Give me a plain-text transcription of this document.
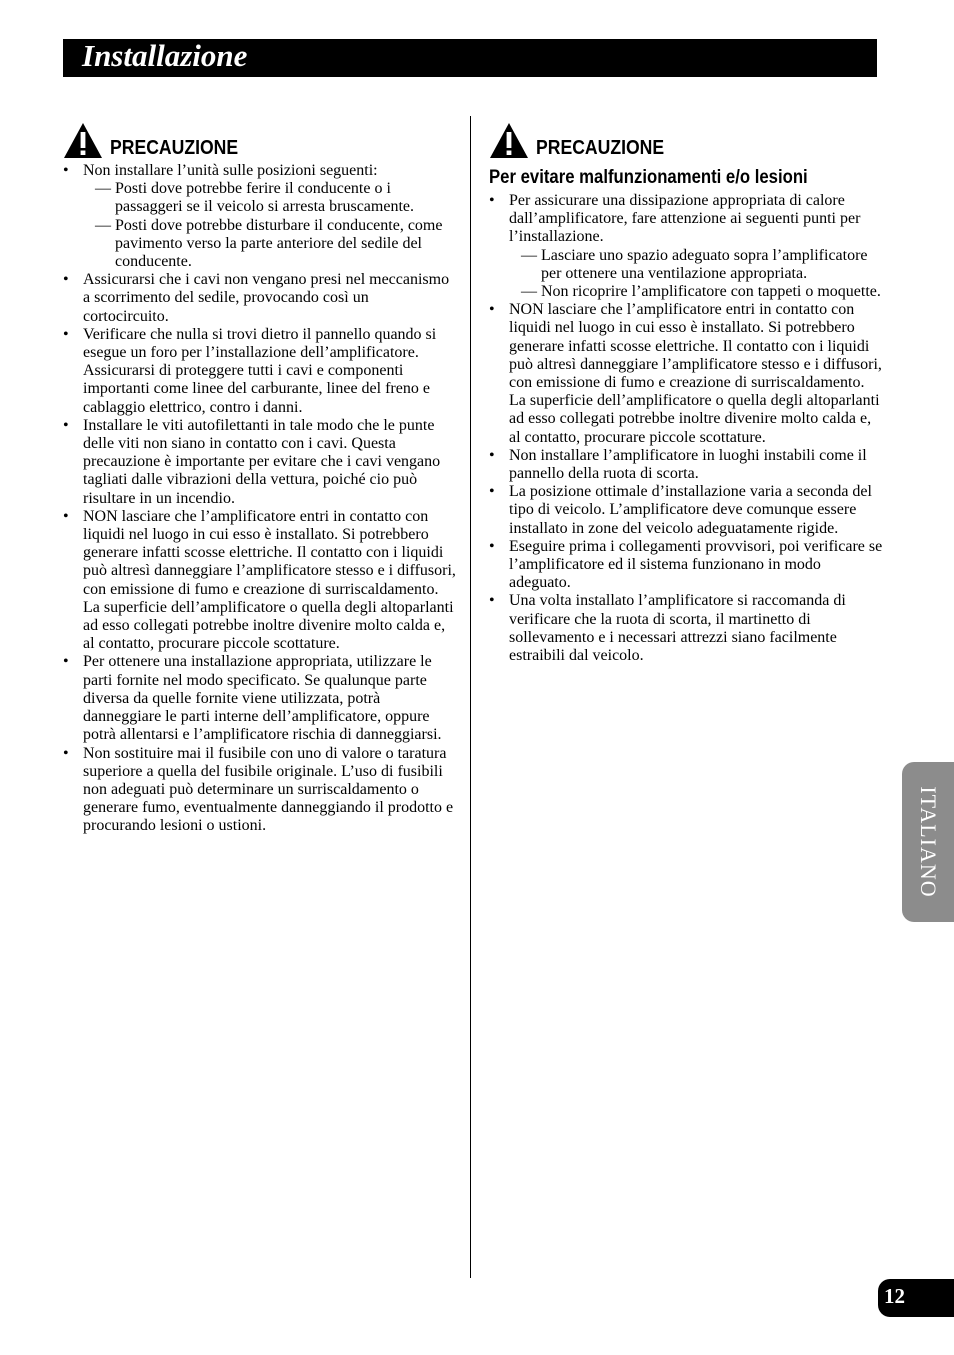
Installazione
PRECAUZIONE
• Non installare l’unità sulle posizioni seguenti:
— Posti dove potrebbe ferire il conducente o i passaggeri se il veicolo si arresta bruscamente.
— Posti dove potrebbe disturbare il conducente, come pavimento verso la parte anteriore del sedile del conducente.
• Assicurarsi che i cavi non vengano presi nel meccanismo a scorrimento del sedile, provocando così un cortocircuito.
• Verificare che nulla si trovi dietro il pannello quando si esegue un foro per l’installazione dell’amplificatore. Assicurarsi di proteggere tutti i cavi e componenti importanti come linee del carburante, linee del freno e cablaggio elettrico, contro i danni.
• Installare le viti autofilettanti in tale modo che le punte delle viti non siano in contatto con i cavi. Questa precauzione è importante per evitare che i cavi vengano tagliati dalle vibrazioni della vettura, poiché cio può risultare in un incendio.
• NON lasciare che l’amplificatore entri in contatto con liquidi nel luogo in cui esso è installato. Si potrebbero generare infatti scosse elettriche. Il contatto con i liquidi può altresì danneggiare l’amplificatore stesso e i diffusori, con emissione di fumo e creazione di surriscaldamento. La superficie dell’amplificatore o quella degli altoparlanti ad esso collegati potrebbe inoltre divenire molto calda e, al contatto, procurare piccole scottature.
• Per ottenere una installazione appropriata, utilizzare le parti fornite nel modo specificato. Se qualunque parte diversa da quelle fornite viene utilizzata, potrà danneggiare le parti interne dell’amplificatore, oppure potrà allentarsi e l’amplificatore rischia di danneggiarsi.
• Non sostituire mai il fusibile con uno di valore o taratura superiore a quella del fusibile originale. L’uso di fusibili non adeguati può determinare un surriscaldamento o generare fumo, eventualmente danneggiando il prodotto e procurando lesioni o ustioni.
PRECAUZIONE
Per evitare malfunzionamenti e/o lesioni
• Per assicurare una dissipazione appropriata di calore dall’amplificatore, fare attenzione ai seguenti punti per l’installazione.
— Lasciare uno spazio adeguato sopra l’amplificatore per ottenere una ventilazione appropriata.
— Non ricoprire l’amplificatore con tappeti o moquette.
• NON lasciare che l’amplificatore entri in contatto con liquidi nel luogo in cui esso è installato. Si potrebbero generare infatti scosse elettriche. Il contatto con i liquidi può altresì danneggiare l’amplificatore stesso e i diffusori, con emissione di fumo e creazione di surriscaldamento. La superficie dell’amplificatore o quella degli altoparlanti ad esso collegati potrebbe inoltre divenire molto calda e, al contatto, procurare piccole scottature.
• Non installare l’amplificatore in luoghi instabili come il pannello della ruota di scorta.
• La posizione ottimale d’installazione varia a seconda del tipo di veicolo. L’amplificatore deve comunque essere installato in zone del veicolo adeguatamente rigide.
• Eseguire prima i collegamenti provvisori, poi verificare se l’amplificatore ed il sistema funzionano in modo adeguato.
• Una volta installato l’amplificatore si raccomanda di verificare che la ruota di scorta, il martinetto di sollevamento e i necessari attrezzi siano facilmente estraibili dal veicolo.
ITALIANO
12
